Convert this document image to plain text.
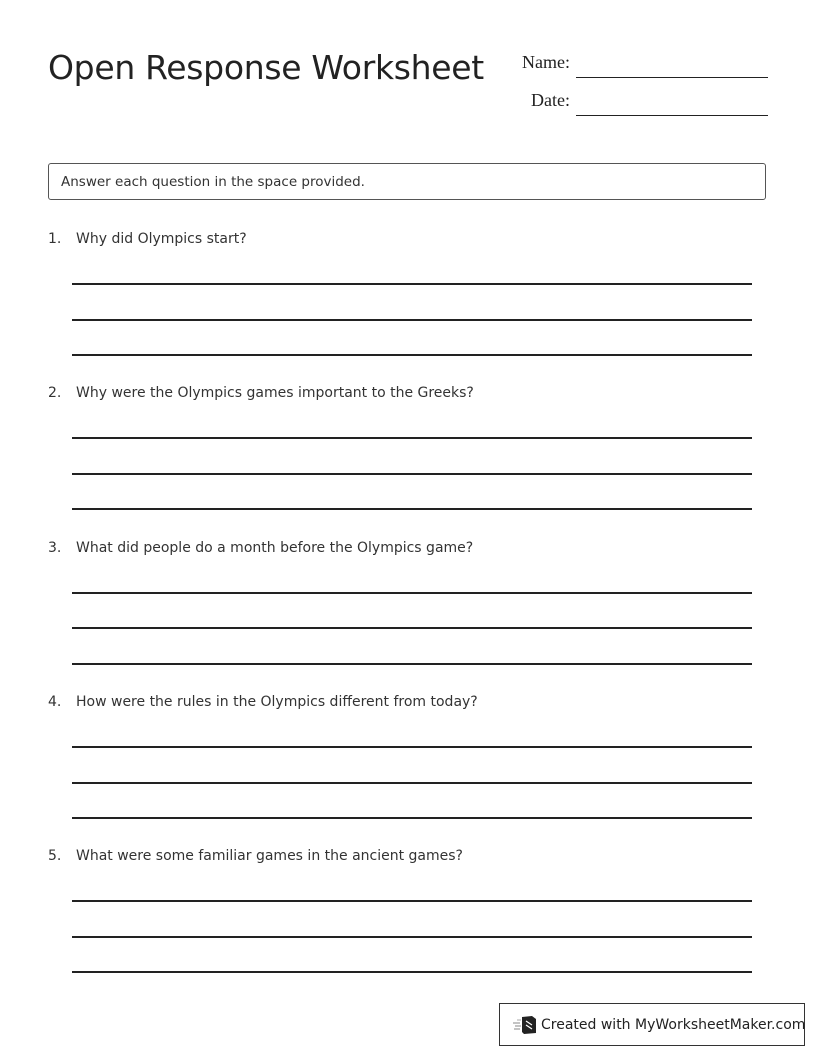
Open Response Worksheet Name:
Date:
Answer each question in the space provided.
1. Why did Olympics start?
2. Why were the Olympics games important to the Greeks?
3. What did people do a month before the Olympics game?
4. How were the rules in the Olympics different from today?
5. What were some familiar games in the ancient games?
Created with MyWorksheetMaker.com
